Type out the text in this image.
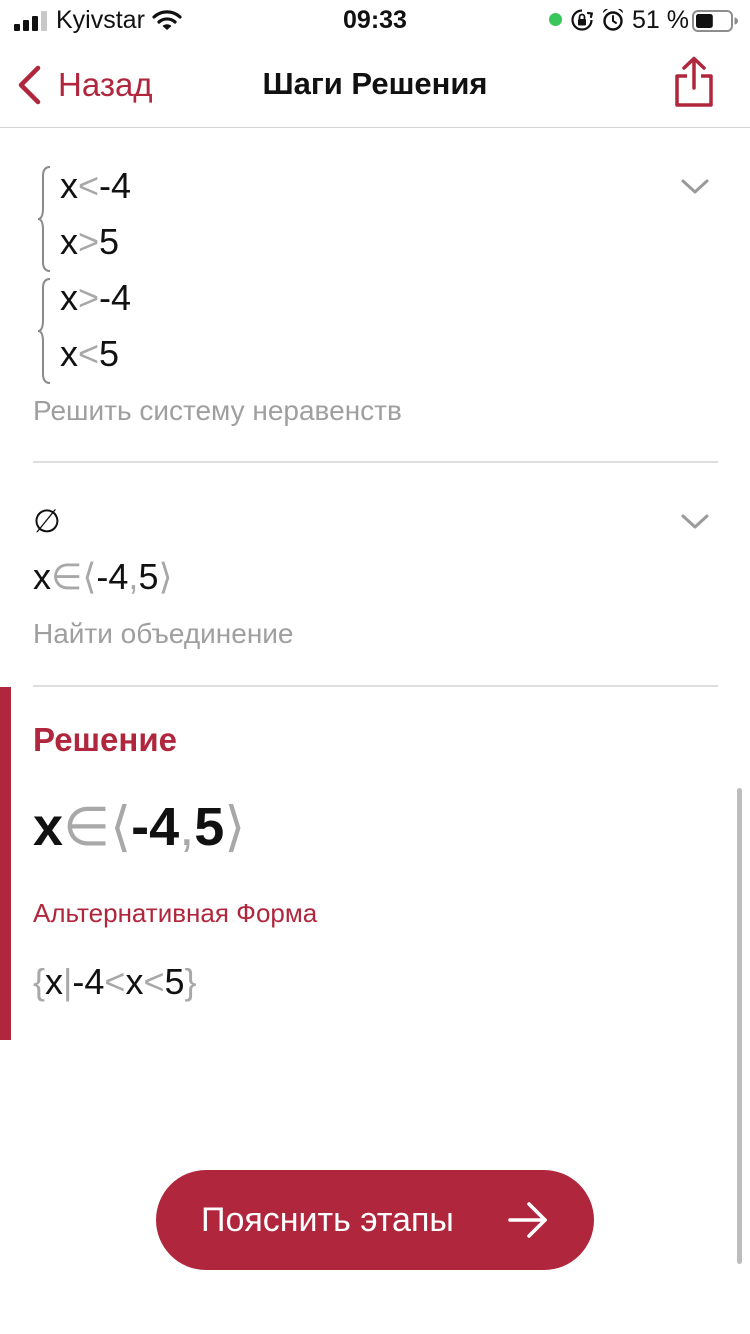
Kyivstar	09:33	51 %
Назад	Шаги Решения
x<-4
x>5
x>-4
x<5
Решить систему неравенств
∅
x∈⟨-4,5⟩
Найти объединение
Решение
x∈⟨-4,5⟩
Альтернативная Форма
{x|-4<x<5}
Пояснить этапы
